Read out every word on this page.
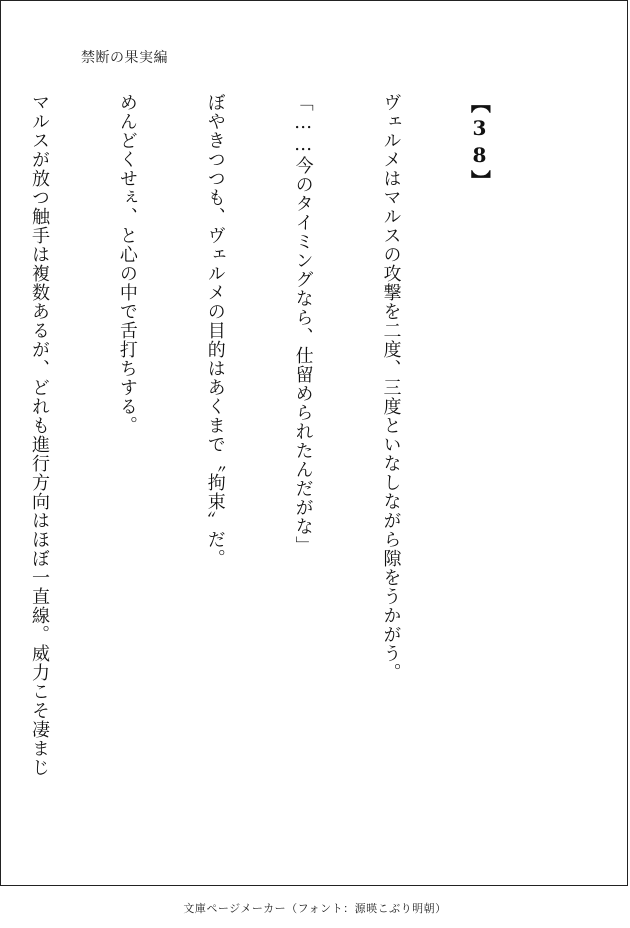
禁断の果実編

【38】

ヴェルメはマルスの攻撃を二度、三度といなしながら隙をうかがう。

「……今のタイミングなら、仕留められたんだがな」

ぼやきつつも、ヴェルメの目的はあくまで〝拘束〟だ。

めんどくせぇ、と心の中で舌打ちする。

マルスが放つ触手は複数あるが、どれも進行方向はほぼ一直線。威力こそ凄まじ

文庫ページメーカー（フォント：源暎こぶり明朝）
